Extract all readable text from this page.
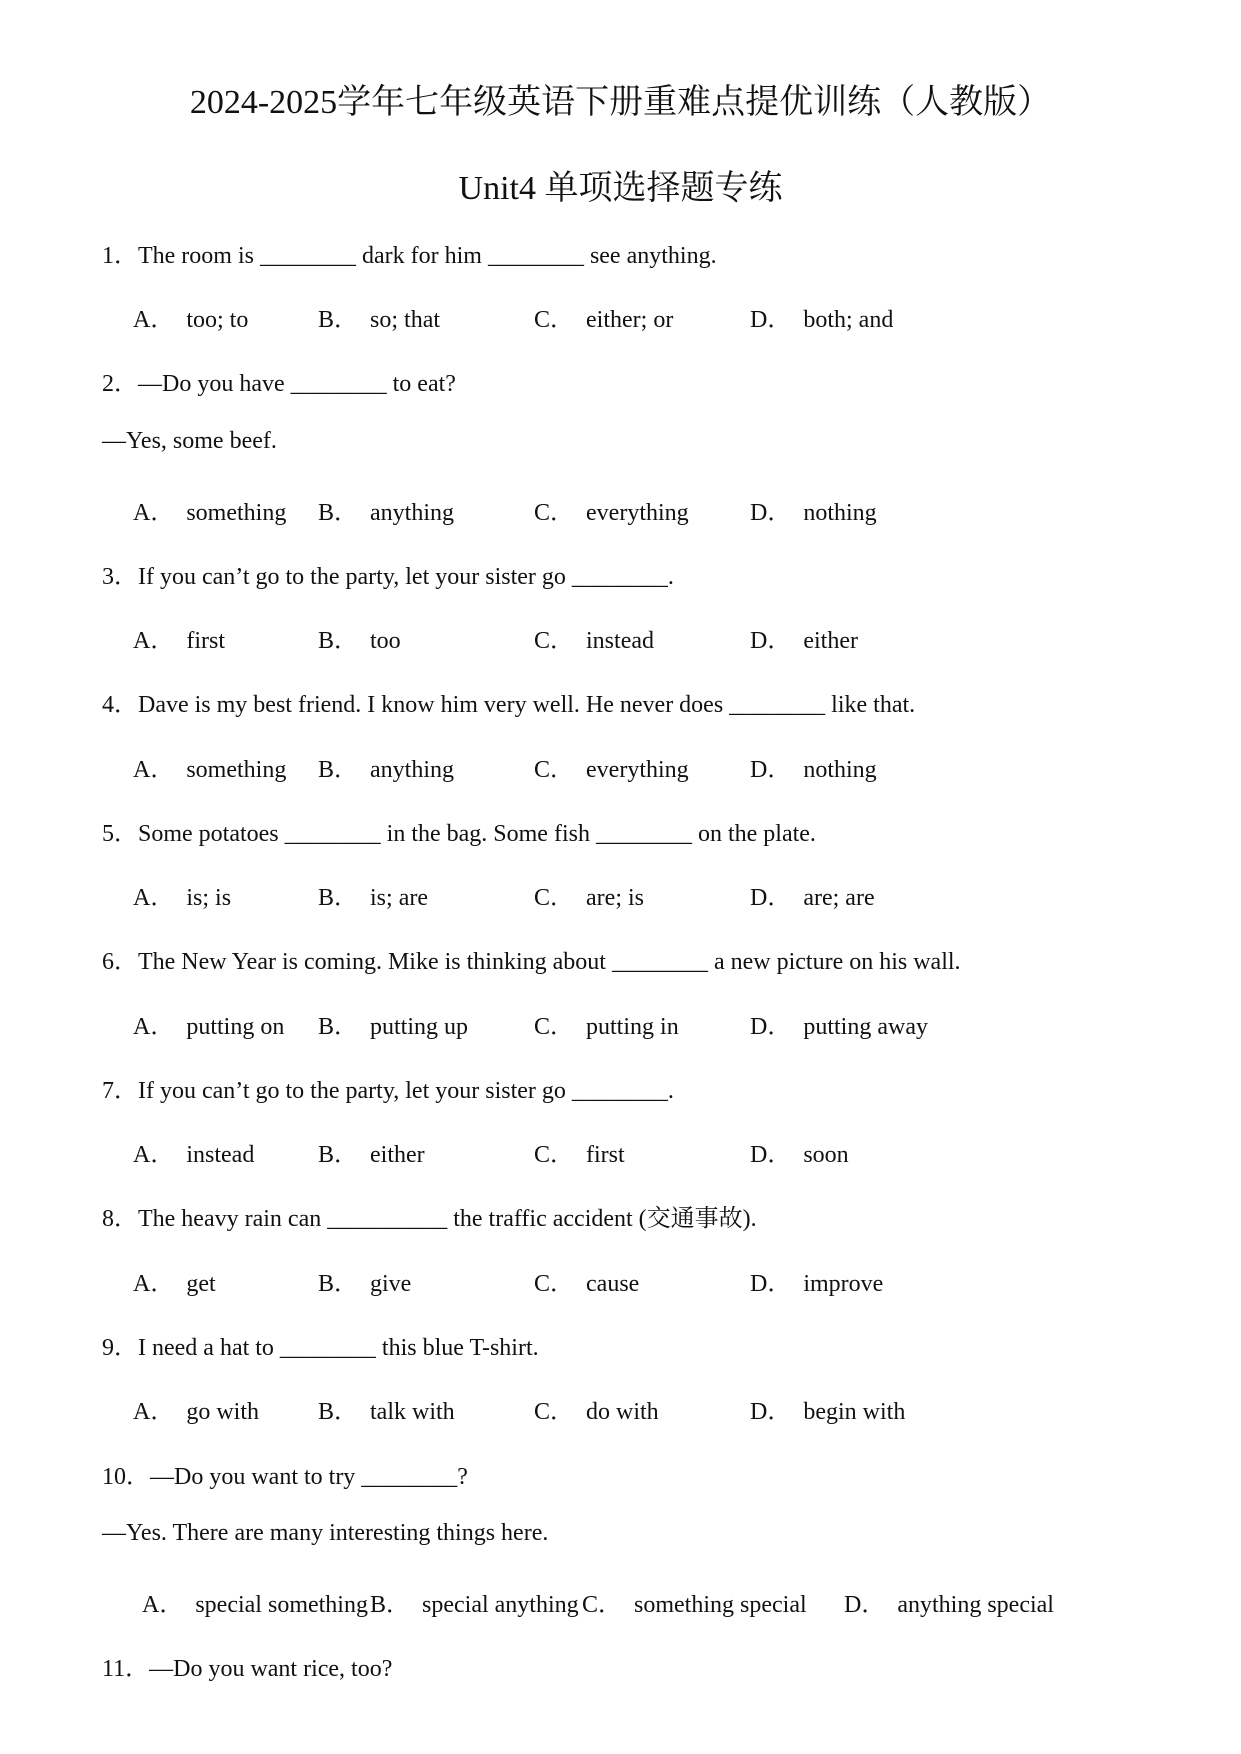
2024-2025学年七年级英语下册重难点提优训练（人教版）
Unit4 单项选择题专练
1．The room is ________ dark for him ________ see anything.
A． too; to	B． so; that	C． either; or	D． both; and
2．—Do you have ________ to eat?
—Yes, some beef.
A． something B． anything	C． everything	D． nothing
3．If you can’t go to the party, let your sister go ________.
A． first	B． too	C． instead	D． either
4．Dave is my best friend. I know him very well. He never does ________ like that.
A． something B． anything	C． everything	D． nothing
5．Some potatoes ________ in the bag. Some fish ________ on the plate.
A． is; is	B． is; are	C． are; is	D． are; are
6．The New Year is coming. Mike is thinking about ________ a new picture on his wall.
A． putting on B． putting up	C． putting in	D． putting away
7．If you can’t go to the party, let your sister go ________.
A． instead	B． either	C． first	D． soon
8．The heavy rain can __________ the traffic accident (交通事故).
A． get	B． give	C． cause	D． improve
9．I need a hat to ________ this blue T-shirt.
A． go with B． talk with	C． do with	D． begin with
10．—Do you want to try ________?
—Yes. There are many interesting things here.
A． special something B． special anything C． something special D． anything special
11．—Do you want rice, too?
